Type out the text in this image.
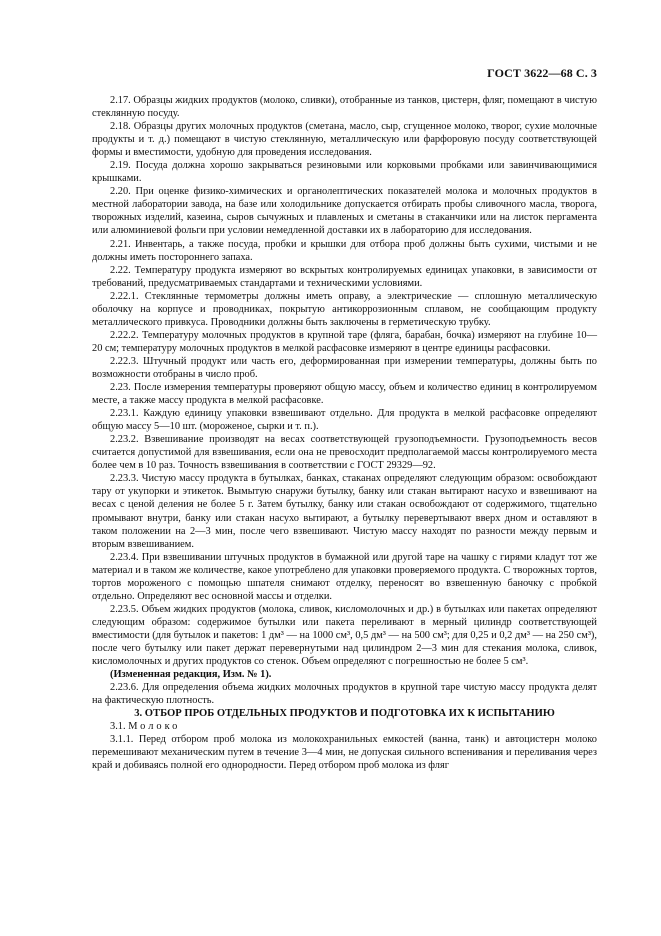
ГОСТ 3622—68 С. 3

2.17. Образцы жидких продуктов (молоко, сливки), отобранные из танков, цистерн, фляг, помещают в чистую стеклянную посуду.

2.18. Образцы других молочных продуктов (сметана, масло, сыр, сгущенное молоко, творог, сухие молочные продукты и т. д.) помещают в чистую стеклянную, металлическую или фарфоровую посуду соответствующей формы и вместимости, удобную для проведения исследования.

2.19. Посуда должна хорошо закрываться резиновыми или корковыми пробками или завинчивающимися крышками.

2.20. При оценке физико-химических и органолептических показателей молока и молочных продуктов в местной лаборатории завода, на базе или холодильнике допускается отбирать пробы сливочного масла, творога, творожных изделий, казеина, сыров сычужных и плавленых и сметаны в стаканчики или на листок пергамента или алюминиевой фольги при условии немедленной доставки их в лабораторию для исследования.

2.21. Инвентарь, а также посуда, пробки и крышки для отбора проб должны быть сухими, чистыми и не должны иметь постороннего запаха.

2.22. Температуру продукта измеряют во вскрытых контролируемых единицах упаковки, в зависимости от требований, предусматриваемых стандартами и техническими условиями.

2.22.1. Стеклянные термометры должны иметь оправу, а электрические — сплошную металлическую оболочку на корпусе и проводниках, покрытую антикоррозионным сплавом, не сообщающим продукту металлического привкуса. Проводники должны быть заключены в герметическую трубку.

2.22.2. Температуру молочных продуктов в крупной таре (фляга, барабан, бочка) измеряют на глубине 10—20 см; температуру молочных продуктов в мелкой расфасовке измеряют в центре единицы расфасовки.

2.22.3. Штучный продукт или часть его, деформированная при измерении температуры, должны быть по возможности отобраны в число проб.

2.23. После измерения температуры проверяют общую массу, объем и количество единиц в контролируемом месте, а также массу продукта в мелкой расфасовке.

2.23.1. Каждую единицу упаковки взвешивают отдельно. Для продукта в мелкой расфасовке определяют общую массу 5—10 шт. (мороженое, сырки и т. п.).

2.23.2. Взвешивание производят на весах соответствующей грузоподъемности. Грузоподъемность весов считается допустимой для взвешивания, если она не превосходит предполагаемой массы контролируемого места более чем в 10 раз. Точность взвешивания в соответствии с ГОСТ 29329—92.

2.23.3. Чистую массу продукта в бутылках, банках, стаканах определяют следующим образом: освобождают тару от укупорки и этикеток. Вымытую снаружи бутылку, банку или стакан вытирают насухо и взвешивают на весах с ценой деления не более 5 г. Затем бутылку, банку или стакан освобождают от содержимого, тщательно промывают внутри, банку или стакан насухо вытирают, а бутылку перевертывают вверх дном и оставляют в таком положении на 2—3 мин, после чего взвешивают. Чистую массу находят по разности между первым и вторым взвешиванием.

2.23.4. При взвешивании штучных продуктов в бумажной или другой таре на чашку с гирями кладут тот же материал и в таком же количестве, какое употреблено для упаковки проверяемого продукта. С творожных тортов, тортов мороженого с помощью шпателя снимают отделку, переносят во взвешенную баночку с пробкой отдельно. Определяют вес основной массы и отделки.

2.23.5. Объем жидких продуктов (молока, сливок, кисломолочных и др.) в бутылках или пакетах определяют следующим образом: содержимое бутылки или пакета переливают в мерный цилиндр соответствующей вместимости (для бутылок и пакетов: 1 дм³ — на 1000 см³, 0,5 дм³ — на 500 см³; для 0,25 и 0,2 дм³ — на 250 см³), после чего бутылку или пакет держат перевернутыми над цилиндром 2—3 мин для стекания молока, сливок, кисломолочных и других продуктов со стенок. Объем определяют с погрешностью не более 5 см³.

(Измененная редакция, Изм. № 1).

2.23.6. Для определения объема жидких молочных продуктов в крупной таре чистую массу продукта делят на фактическую плотность.

3. ОТБОР ПРОБ ОТДЕЛЬНЫХ ПРОДУКТОВ И ПОДГОТОВКА ИХ К ИСПЫТАНИЮ

3.1. Молоко

3.1.1. Перед отбором проб молока из молокохранильных емкостей (ванна, танк) и автоцистерн молоко перемешивают механическим путем в течение 3—4 мин, не допуская сильного вспенивания и переливания через край и добиваясь полной его однородности. Перед отбором проб молока из фляг
